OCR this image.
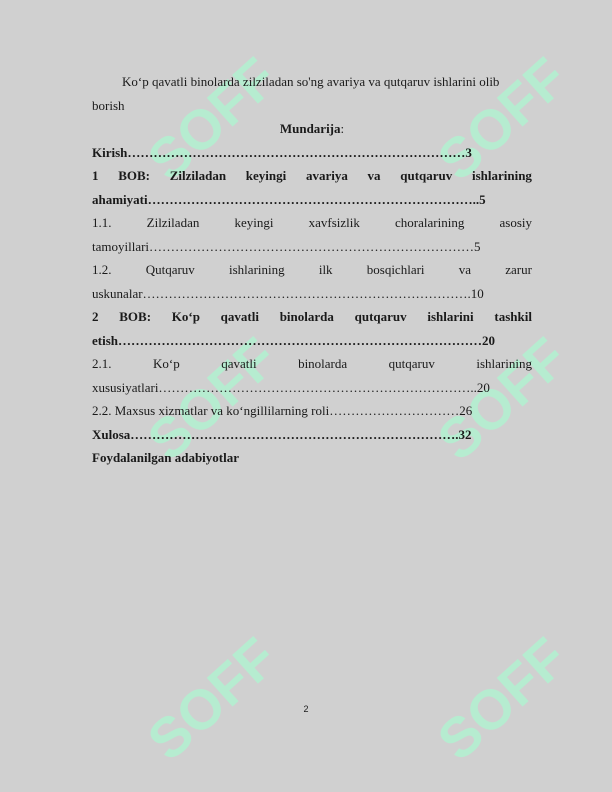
SOFF SOFF
SOFF SOFF
SOFF SOFF

Ko‘p qavatli binolarda zilziladan so'ng avariya va qutqaruv ishlarini olib

borish

Mundarija:

Kirish……………………………………………………………………3

1 BOB: Zilziladan keyingi avariya va qutqaruv ishlarining

ahamiyati…………………………………………………………………..5

1.1.	Zilziladan	keyingi	xavfsizlik	choralarining	asosiy

tamoyillari…………………………………………………………………5

1.2.	Qutqaruv	ishlarining	ilk	bosqichlari	va	zarur

uskunalar………………………………………………………………….10

2 BOB: Ko‘p qavatli binolarda qutqaruv ishlarini tashkil

etish…………………………………………………………………………20

2.1.	Ko‘p	qavatli	binolarda	qutqaruv	ishlarining

xususiyatlari………………………………………………………………..20

2.2. Maxsus xizmatlar va ko‘ngillilarning roli…………………………26

Xulosa………………………………………………………………….32

Foydalanilgan adabiyotlar

2
